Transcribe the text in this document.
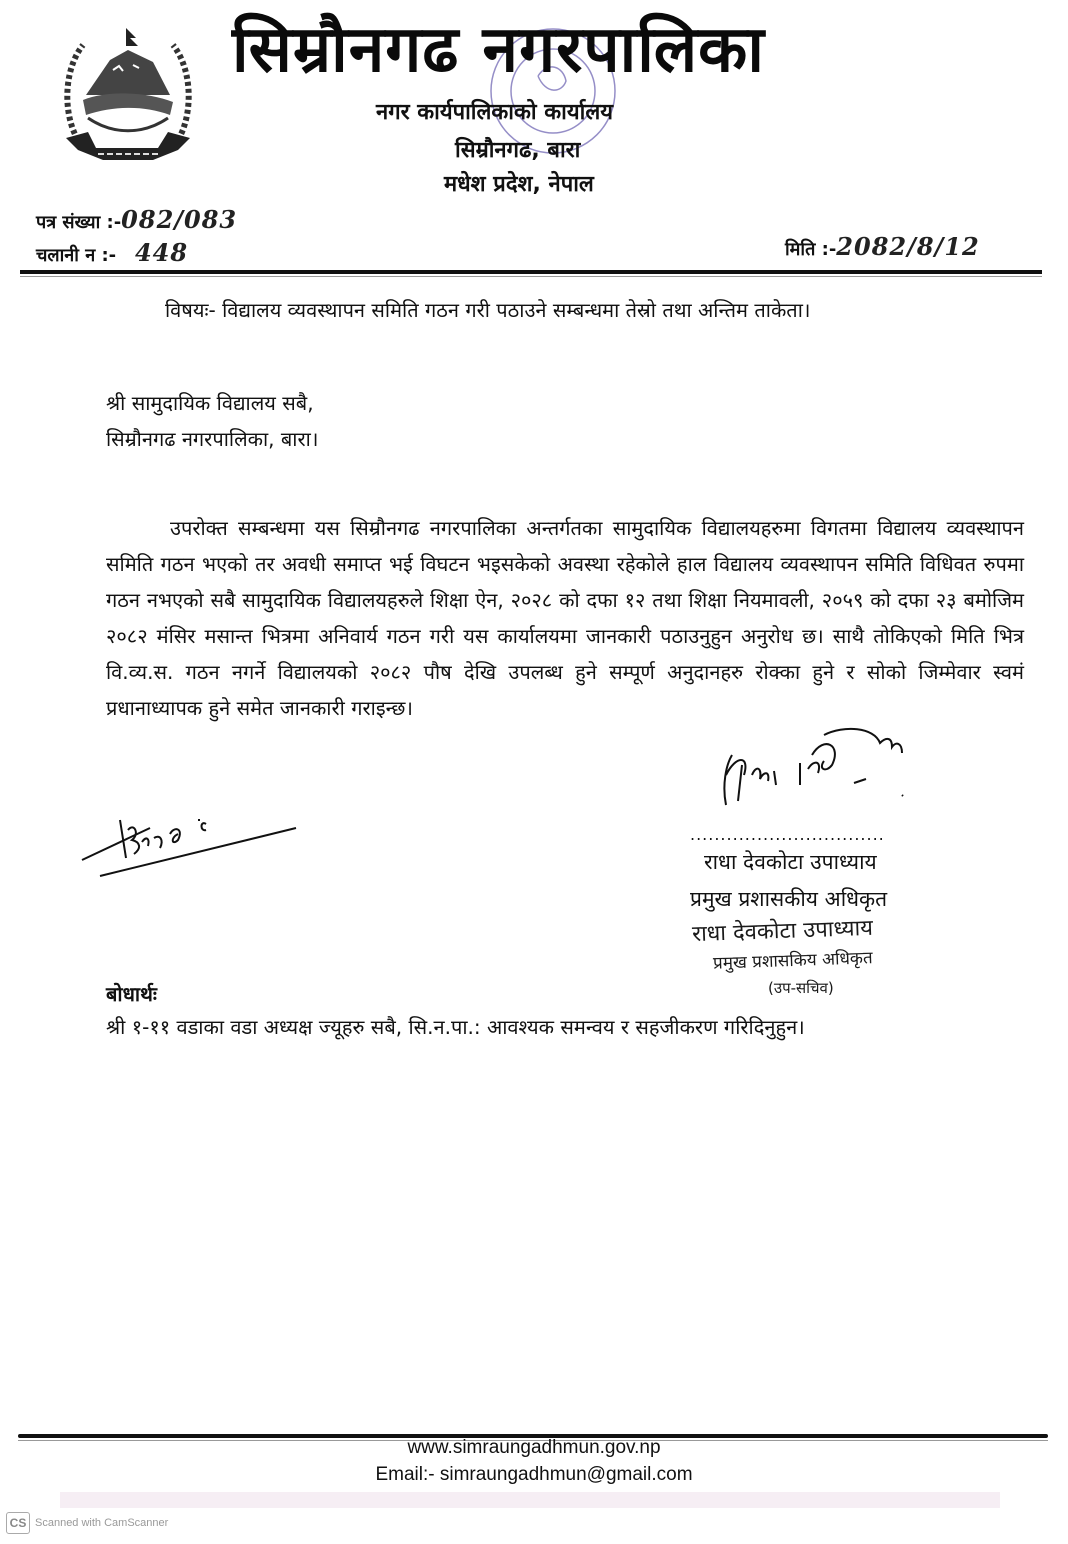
सिम्रौनगढ नगरपालिका
नगर कार्यपालिकाको कार्यालय
सिम्रौनगढ, बारा
मधेश प्रदेश, नेपाल
पत्र संख्या :-082/083
चलानी न :- 448	मिति :-2082/8/12
विषयः- विद्यालय व्यवस्थापन समिति गठन गरी पठाउने सम्बन्धमा तेस्रो तथा अन्तिम ताकेता।
श्री सामुदायिक विद्यालय सबै,
सिम्रौनगढ नगरपालिका, बारा।
उपरोक्त सम्बन्धमा यस सिम्रौनगढ नगरपालिका अन्तर्गतका सामुदायिक विद्यालयहरुमा विगतमा विद्यालय व्यवस्थापन समिति गठन भएको तर अवधी समाप्त भई विघटन भइसकेको अवस्था रहेकोले हाल विद्यालय व्यवस्थापन समिति विधिवत रुपमा गठन नभएको सबै सामुदायिक विद्यालयहरुले शिक्षा ऐन, २०२८ को दफा १२ तथा शिक्षा नियमावली, २०५९ को दफा २३ बमोजिम २०८२ मंसिर मसान्त भित्रमा अनिवार्य गठन गरी यस कार्यालयमा जानकारी पठाउनुहुन अनुरोध छ। साथै तोकिएको मिति भित्र वि.व्य.स. गठन नगर्ने विद्यालयको २०८२ पौष देखि उपलब्ध हुने सम्पूर्ण अनुदानहरु रोक्का हुने र सोको जिम्मेवार स्वमं प्रधानाध्यापक हुने समेत जानकारी गराइन्छ।
................................
राधा देवकोटा उपाध्याय
प्रमुख प्रशासकीय अधिकृत
राधा देवकोटा उपाध्याय
प्रमुख प्रशासकिय अधिकृत
(उप-सचिव)
बोधार्थः
श्री १-११ वडाका वडा अध्यक्ष ज्यूहरु सबै, सि.न.पा.: आवश्यक समन्वय र सहजीकरण गरिदिनुहुन।
www.simraungadhmun.gov.np
Email:- simraungadhmun@gmail.com
CS Scanned with CamScanner
